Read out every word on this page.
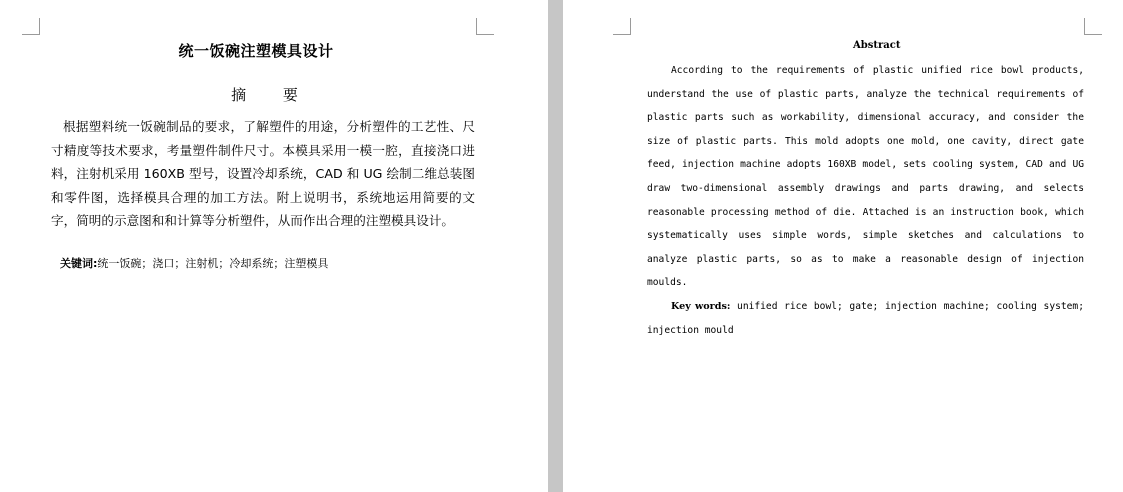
统一饭碗注塑模具设计
摘 要
根据塑料统一饭碗制品的要求，了解塑件的用途，分析塑件的工艺性、尺寸精度等技术要求，考量塑件制件尺寸。本模具采用一模一腔，直接浇口进料，注射机采用 160XB 型号，设置冷却系统，CAD 和 UG 绘制二维总装图和零件图，选择模具合理的加工方法。附上说明书，系统地运用简要的文字，简明的示意图和和计算等分析塑件，从而作出合理的注塑模具设计。
关键词:统一饭碗；浇口；注射机；冷却系统；注塑模具
Abstract
According to the requirements of plastic unified rice bowl products, understand the use of plastic parts, analyze the technical requirements of plastic parts such as workability, dimensional accuracy, and consider the size of plastic parts. This mold adopts one mold, one cavity, direct gate feed, injection machine adopts 160XB model, sets cooling system, CAD and UG draw two-dimensional assembly drawings and parts drawing, and selects reasonable processing method of die. Attached is an instruction book, which systematically uses simple words, simple sketches and calculations to analyze plastic parts, so as to make a reasonable design of injection moulds.
Key words: unified rice bowl; gate; injection machine; cooling system; injection mould
